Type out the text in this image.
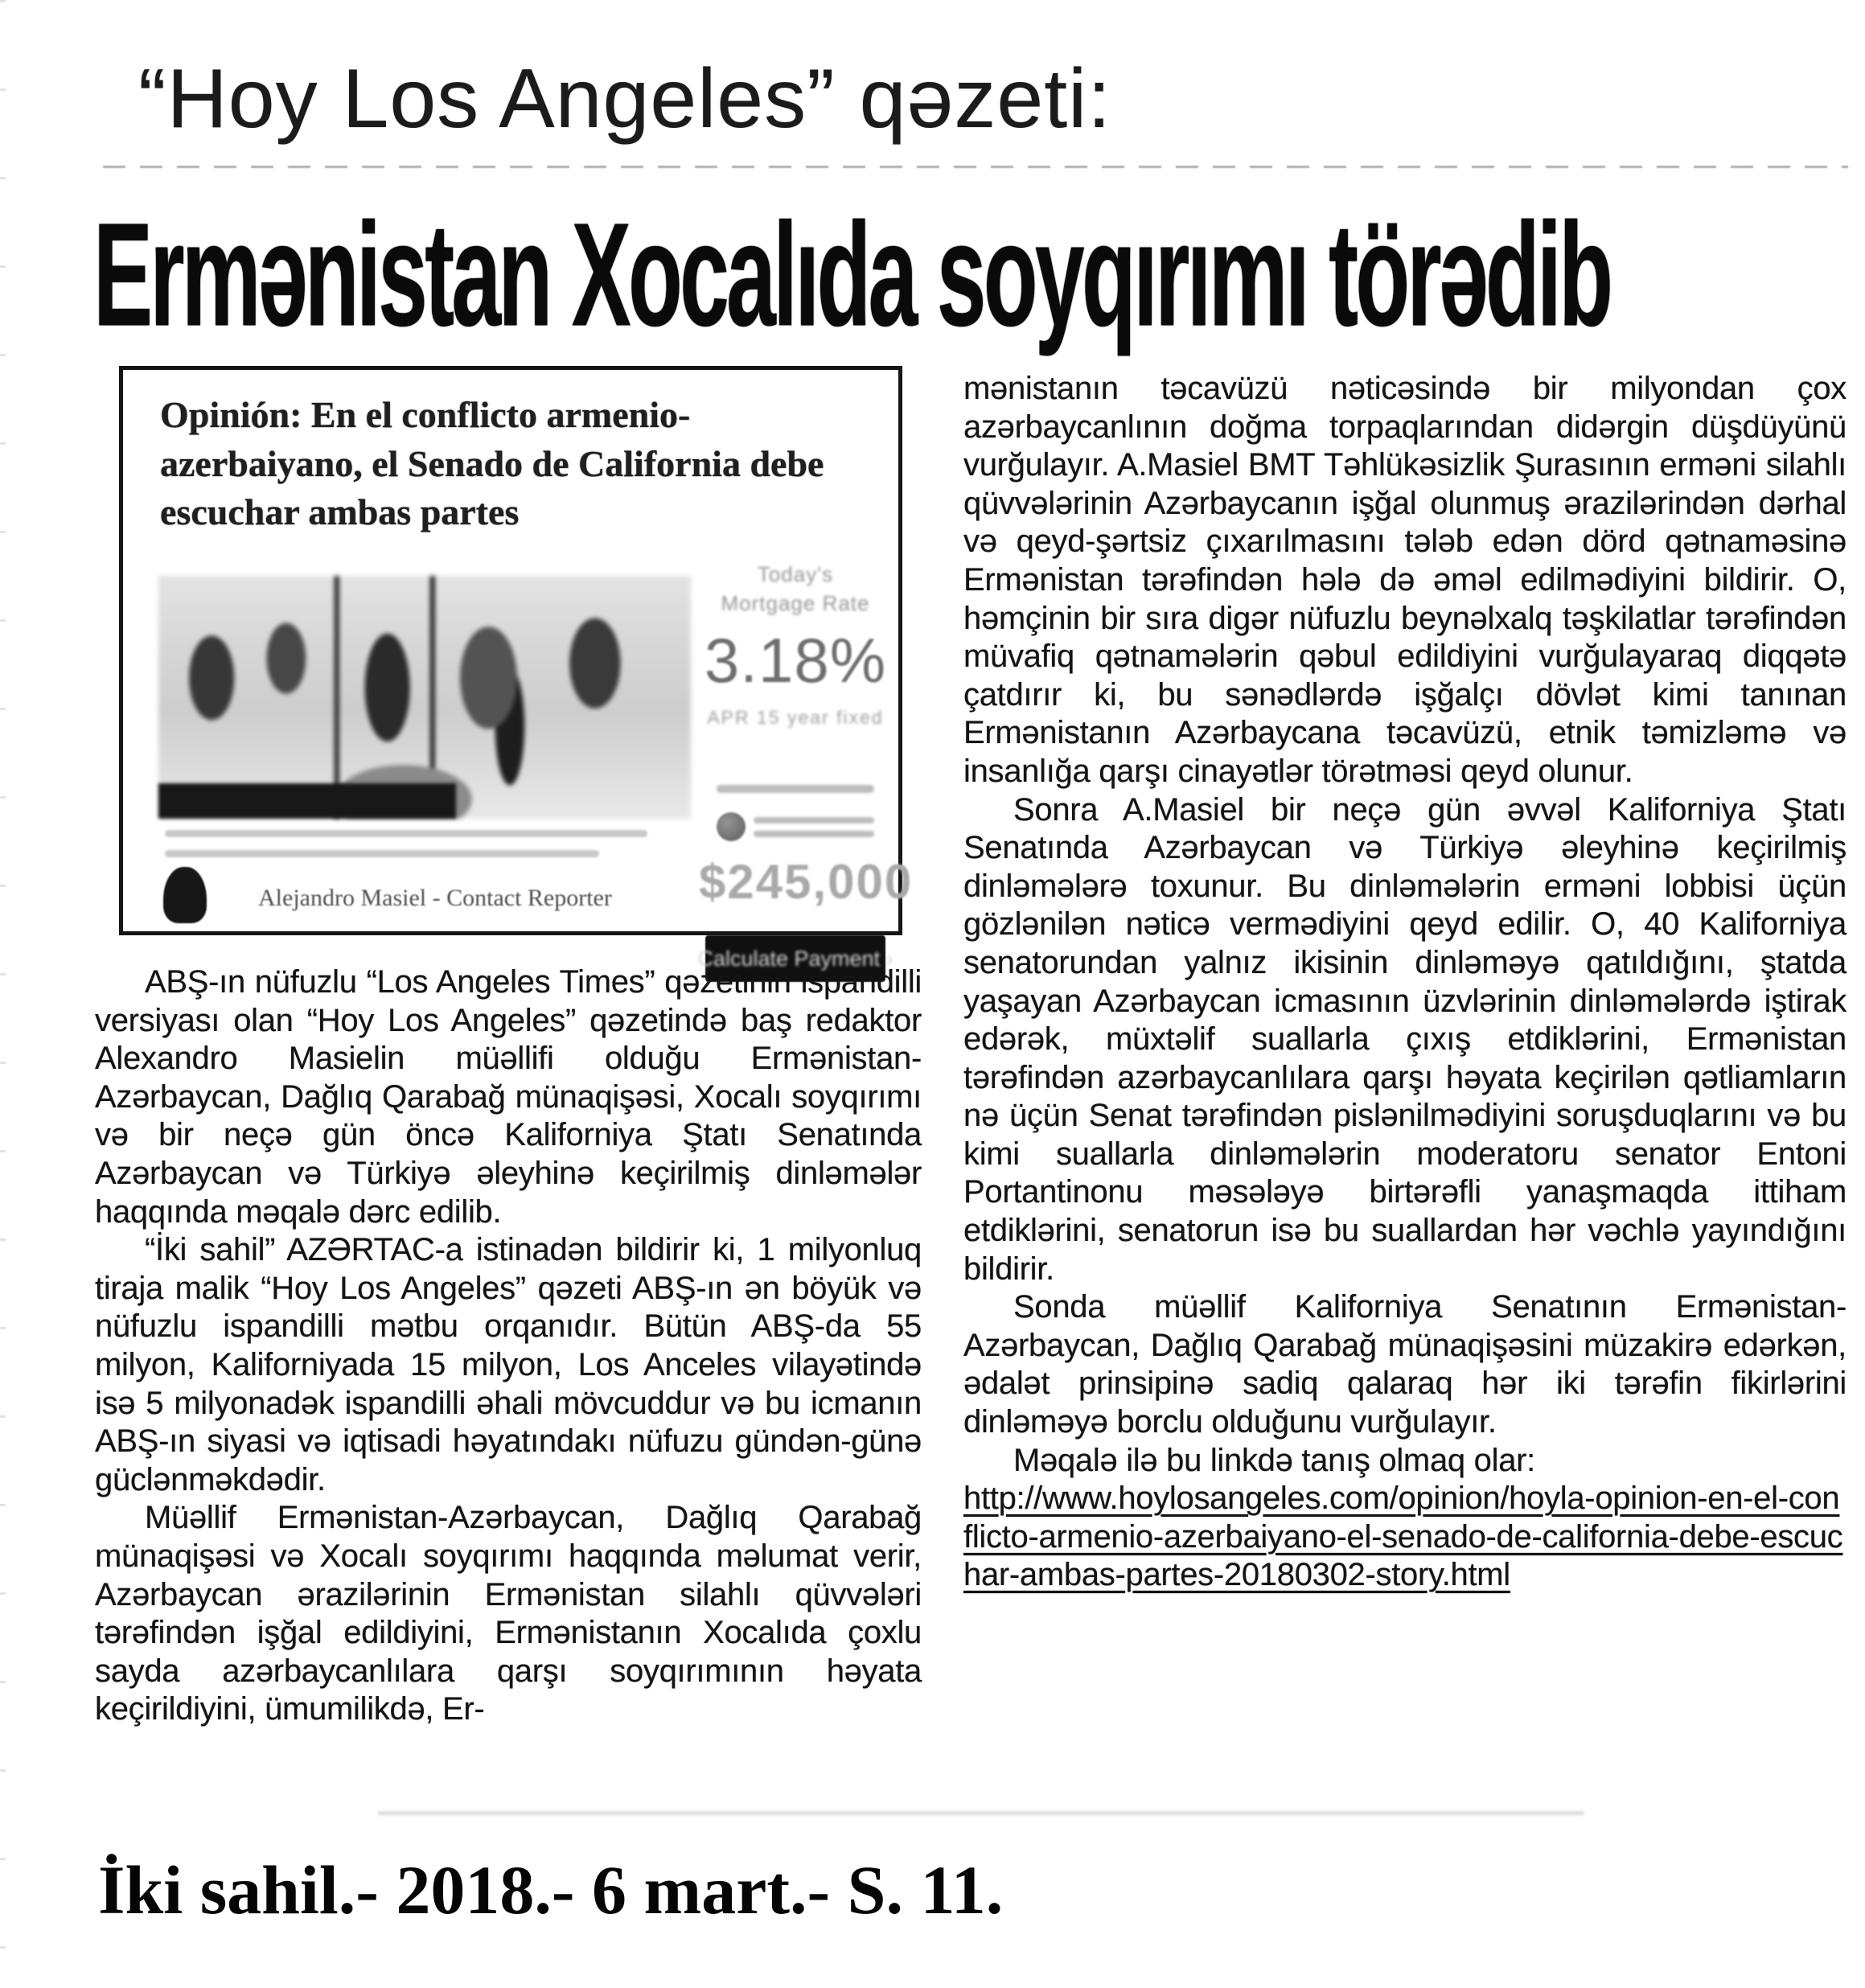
“Hoy Los Angeles” qəzeti:
Ermənistan Xocalıda soyqırımı törədib
Opinión: En el conflicto armenio-azerbaiyano, el Senado de California debe escuchar ambas partes
Today's
Mortgage Rate
3.18%
APR 15 year fixed
$245,000
Calculate Payment ›
Alejandro Masiel - Contact Reporter

ABŞ-ın nüfuzlu “Los Angeles Times” qəzetinin ispandilli versiyası olan “Hoy Los Angeles” qəzetində baş redaktor Alexandro Masielin müəllifi olduğu Ermənistan-Azərbaycan, Dağlıq Qarabağ münaqişəsi, Xocalı soyqırımı və bir neçə gün öncə Kaliforniya Ştatı Senatında Azərbaycan və Türkiyə əleyhinə keçirilmiş dinləmələr haqqında məqalə dərc edilib.

“İki sahil” AZƏRTAC-a istinadən bildirir ki, 1 milyonluq tiraja malik “Hoy Los Angeles” qəzeti ABŞ-ın ən böyük və nüfuzlu ispandilli mətbu orqanıdır. Bütün ABŞ-da 55 milyon, Kaliforniyada 15 milyon, Los Anceles vilayətində isə 5 milyonadək ispandilli əhali mövcuddur və bu icmanın ABŞ-ın siyasi və iqtisadi həyatındakı nüfuzu gündən-günə güclənməkdədir.

Müəllif Ermənistan-Azərbaycan, Dağlıq Qarabağ münaqişəsi və Xocalı soyqırımı haqqında məlumat verir, Azərbaycan ərazilərinin Ermənistan silahlı qüvvələri tərəfindən işğal edildiyini, Ermənistanın Xocalıda çoxlu sayda azərbaycanlılara qarşı soyqırımının həyata keçirildiyini, ümumilikdə, Er-

mənistanın təcavüzü nəticəsində bir milyondan çox azərbaycanlının doğma torpaqlarından didərgin düşdüyünü vurğulayır. A.Masiel BMT Təhlükəsizlik Şurasının erməni silahlı qüvvələrinin Azərbaycanın işğal olunmuş ərazilərindən dərhal və qeyd-şərtsiz çıxarılmasını tələb edən dörd qətnaməsinə Ermənistan tərəfindən hələ də əməl edilmədiyini bildirir. O, həmçinin bir sıra digər nüfuzlu beynəlxalq təşkilatlar tərəfindən müvafiq qətnamələrin qəbul edildiyini vurğulayaraq diqqətə çatdırır ki, bu sənədlərdə işğalçı dövlət kimi tanınan Ermənistanın Azərbaycana təcavüzü, etnik təmizləmə və insanlığa qarşı cinayətlər törətməsi qeyd olunur.

Sonra A.Masiel bir neçə gün əvvəl Kaliforniya Ştatı Senatında Azərbaycan və Türkiyə əleyhinə keçirilmiş dinləmələrə toxunur. Bu dinləmələrin erməni lobbisi üçün gözlənilən nəticə vermədiyini qeyd edilir. O, 40 Kaliforniya senatorundan yalnız ikisinin dinləməyə qatıldığını, ştatda yaşayan Azərbaycan icmasının üzvlərinin dinləmələrdə iştirak edərək, müxtəlif suallarla çıxış etdiklərini, Ermənistan tərəfindən azərbaycanlılara qarşı həyata keçirilən qətliamların nə üçün Senat tərəfindən pislənilmədiyini soruşduqlarını və bu kimi suallarla dinləmələrin moderatoru senator Entoni Portantinonu məsələyə birtərəfli yanaşmaqda ittiham etdiklərini, senatorun isə bu suallardan hər vəchlə yayındığını bildirir.

Sonda müəllif Kaliforniya Senatının Ermənistan-Azərbaycan, Dağlıq Qarabağ münaqişəsini müzakirə edərkən, ədalət prinsipinə sadiq qalaraq hər iki tərəfin fikirlərini dinləməyə borclu olduğunu vurğulayır.

Məqalə ilə bu linkdə tanış olmaq olar:

http://www.hoylosangeles.com/opinion/hoyla-opinion-en-el-conflicto-armenio-azerbaiyano-el-senado-de-california-debe-escuchar-ambas-partes-20180302-story.html
İki sahil.- 2018.- 6 mart.- S. 11.
